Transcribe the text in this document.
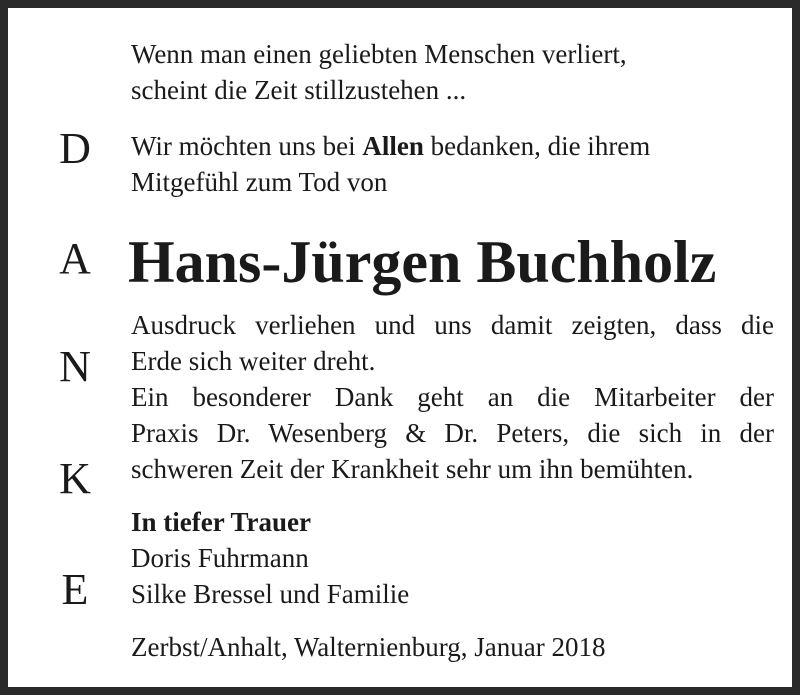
D
A
N
K
E
Wenn man einen geliebten Menschen verliert,
scheint die Zeit stillzustehen ...
Wir möchten uns bei Allen bedanken, die ihrem
Mitgefühl zum Tod von
Hans-Jürgen Buchholz
Ausdruck verliehen und uns damit zeigten, dass die
Erde sich weiter dreht.
Ein besonderer Dank geht an die Mitarbeiter der
Praxis Dr. Wesenberg & Dr. Peters, die sich in der
schweren Zeit der Krankheit sehr um ihn bemühten.
In tiefer Trauer
Doris Fuhrmann
Silke Bressel und Familie
Zerbst/Anhalt, Walternienburg, Januar 2018
